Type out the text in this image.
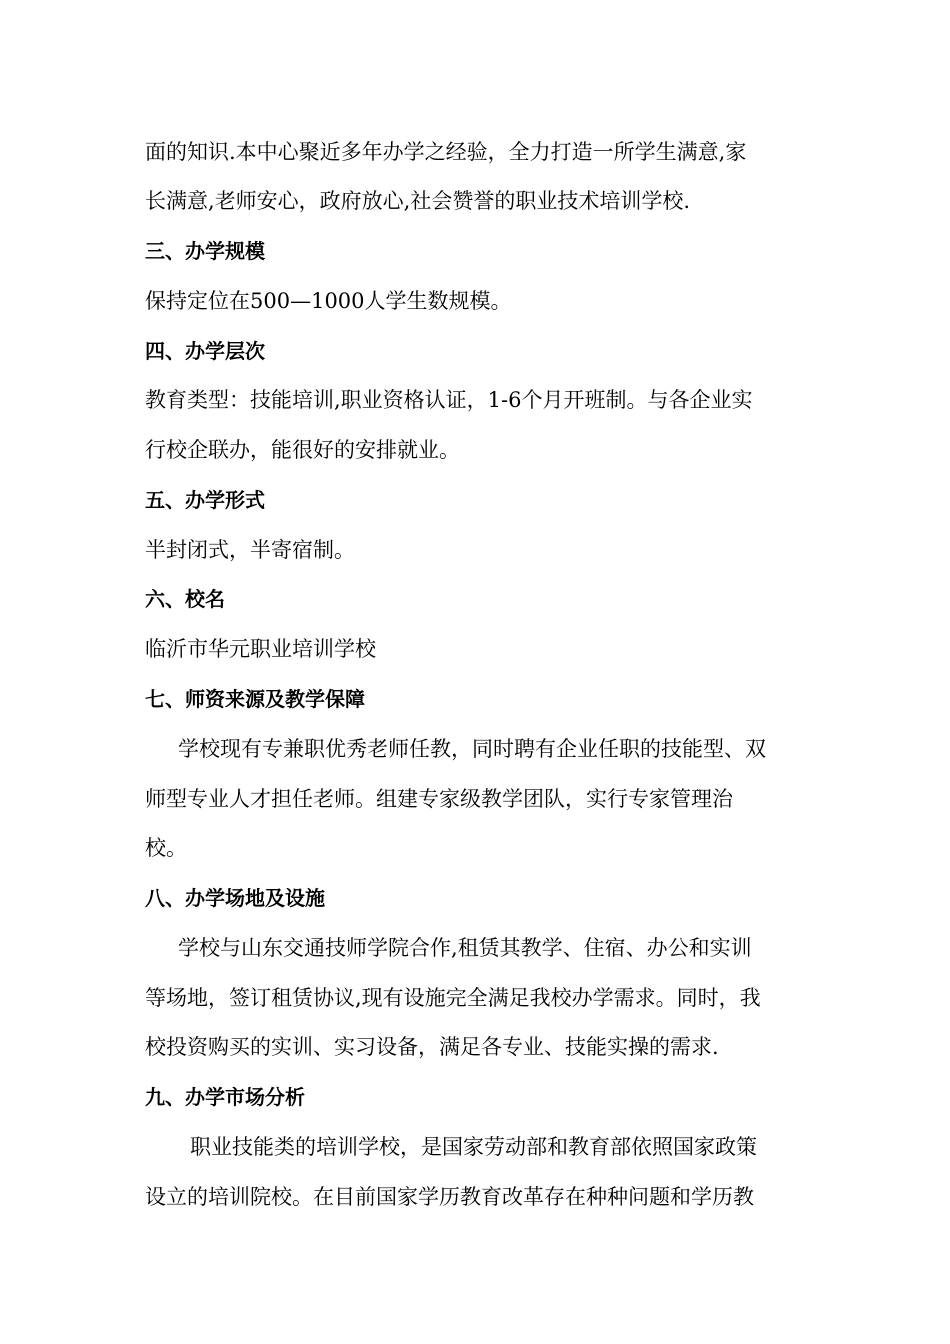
面的知识.本中心聚近多年办学之经验，全力打造一所学生满意,家

长满意,老师安心，政府放心,社会赞誉的职业技术培训学校.

三、办学规模

保持定位在500—1000人学生数规模。

四、办学层次

教育类型：技能培训,职业资格认证，1-6个月开班制。与各企业实

行校企联办，能很好的安排就业。

五、办学形式

半封闭式，半寄宿制。

六、校名

临沂市华元职业培训学校

七、师资来源及教学保障

学校现有专兼职优秀老师任教，同时聘有企业任职的技能型、双

师型专业人才担任老师。组建专家级教学团队，实行专家管理治

校。

八、办学场地及设施

学校与山东交通技师学院合作,租赁其教学、住宿、办公和实训

等场地，签订租赁协议,现有设施完全满足我校办学需求。同时，我

校投资购买的实训、实习设备，满足各专业、技能实操的需求.

九、办学市场分析

职业技能类的培训学校，是国家劳动部和教育部依照国家政策

设立的培训院校。在目前国家学历教育改革存在种种问题和学历教
